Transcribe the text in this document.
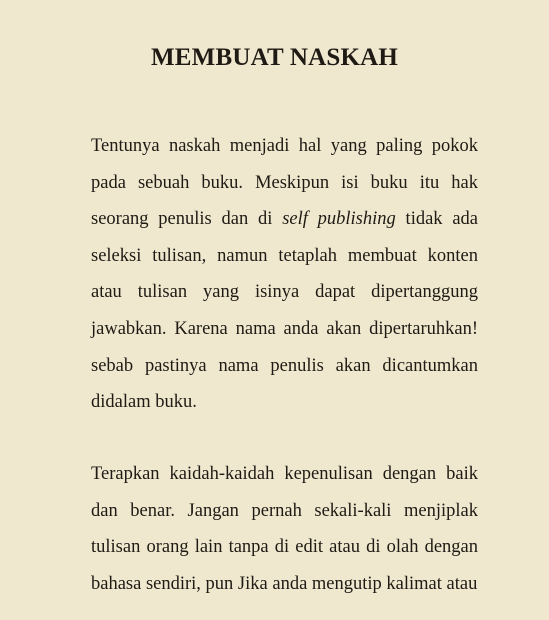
MEMBUAT NASKAH

Tentunya naskah menjadi hal yang paling pokok pada sebuah buku. Meskipun isi buku itu hak seorang penulis dan di self publishing tidak ada seleksi tulisan, namun tetaplah membuat konten atau tulisan yang isinya dapat dipertanggung jawabkan. Karena nama anda akan dipertaruhkan! sebab pastinya nama penulis akan dicantumkan didalam buku.

Terapkan kaidah-kaidah kepenulisan dengan baik dan benar. Jangan pernah sekali-kali menjiplak tulisan orang lain tanpa di edit atau di olah dengan bahasa sendiri, pun Jika anda mengutip kalimat atau
